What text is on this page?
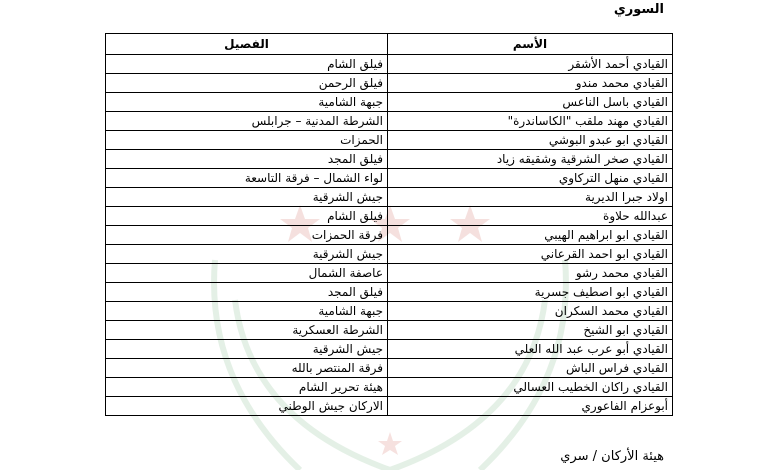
السوري
الأسم	الفصيل
القيادي أحمد الأشقر	فيلق الشام
القيادي محمد مندو	فيلق الرحمن
القيادي باسل الناعس	جبهة الشامية
القيادي مهند ملقب "الكاساندرة"	الشرطة المدنية – جرابلس
القيادي ابو عبدو البوشي	الحمزات
القيادي صخر الشرقية وشقيقه زياد	فيلق المجد
القيادي منهل التركاوي	لواء الشمال – فرقة التاسعة
اولاد جبرا الديرية	جيش الشرقية
عبدالله حلاوة	فيلق الشام
القيادي ابو ابراهيم الهيبي	فرقة الحمزات
القيادي ابو احمد القرعاني	جيش الشرقية
القيادي محمد رشو	عاصفة الشمال
القيادي ابو اصطيف جسرية	فيلق المجد
القيادي محمد السكران	جبهة الشامية
القيادي ابو الشيخ	الشرطة العسكرية
القيادي أبو عرب عبد الله العلي	جيش الشرقية
القيادي فراس الباش	فرقة المنتصر بالله
القيادي راكان الخطيب العسالي	هيئة تحرير الشام
أبوعزام الفاعوري	الاركان جيش الوطني
هيئة الأركان / سري
